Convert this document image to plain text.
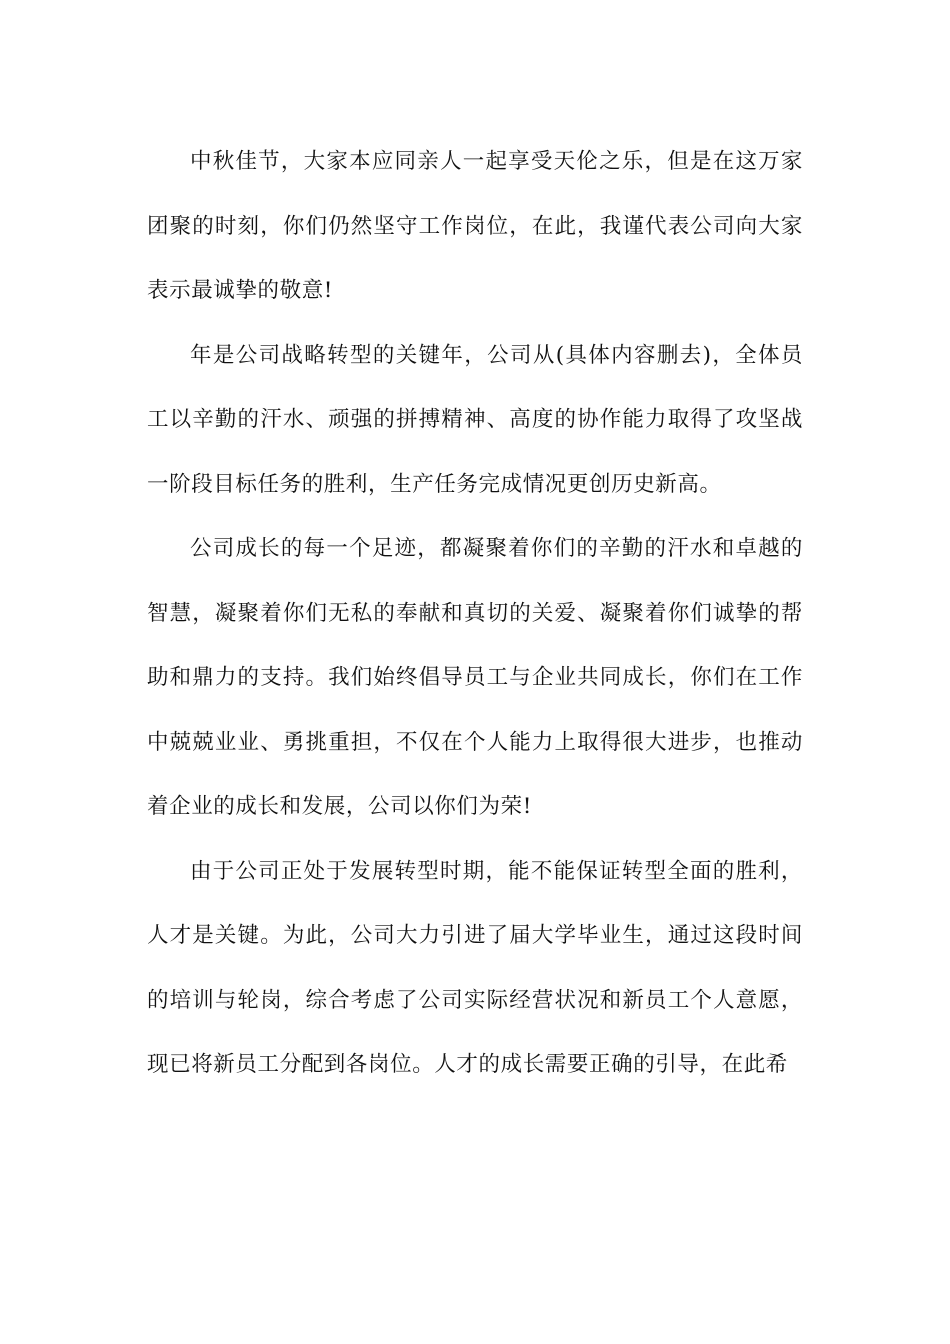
中秋佳节，大家本应同亲人一起享受天伦之乐，但是在这万家团聚的时刻，你们仍然坚守工作岗位，在此，我谨代表公司向大家表示最诚挚的敬意!

年是公司战略转型的关键年，公司从(具体内容删去)，全体员工以辛勤的汗水、顽强的拼搏精神、高度的协作能力取得了攻坚战一阶段目标任务的胜利，生产任务完成情况更创历史新高。

公司成长的每一个足迹，都凝聚着你们的辛勤的汗水和卓越的智慧，凝聚着你们无私的奉献和真切的关爱、凝聚着你们诚挚的帮助和鼎力的支持。我们始终倡导员工与企业共同成长，你们在工作中兢兢业业、勇挑重担，不仅在个人能力上取得很大进步，也推动着企业的成长和发展，公司以你们为荣!

由于公司正处于发展转型时期，能不能保证转型全面的胜利，人才是关键。为此，公司大力引进了届大学毕业生，通过这段时间的培训与轮岗，综合考虑了公司实际经营状况和新员工个人意愿，现已将新员工分配到各岗位。人才的成长需要正确的引导，在此希
